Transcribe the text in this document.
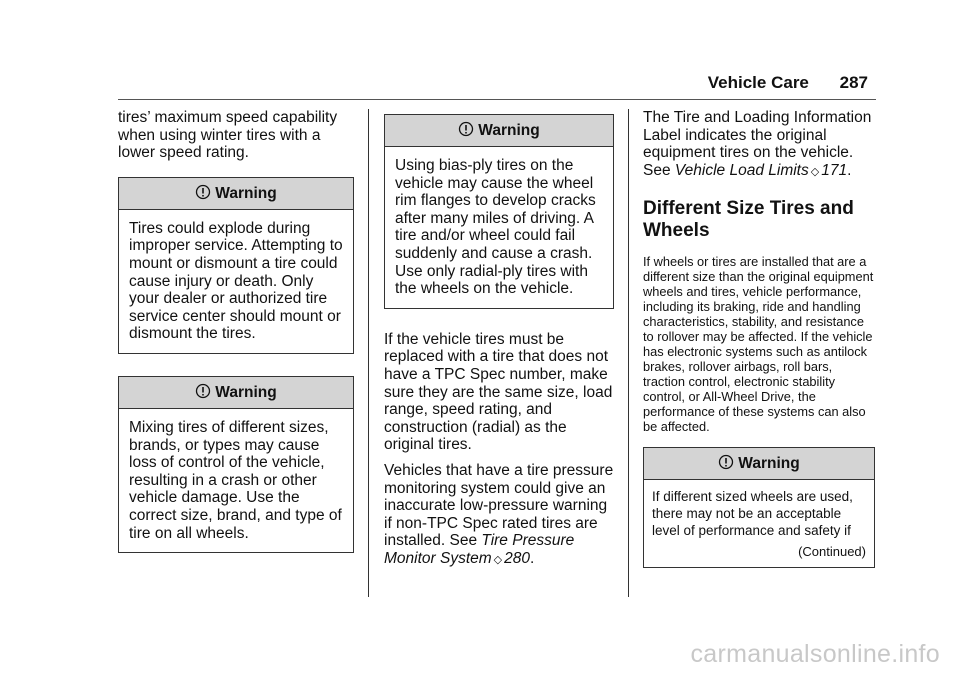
Vehicle Care 287

tires’ maximum speed capability when using winter tires with a lower speed rating.

Warning

Tires could explode during improper service. Attempting to mount or dismount a tire could cause injury or death. Only your dealer or authorized tire service center should mount or dismount the tires.

Warning

Mixing tires of different sizes, brands, or types may cause loss of control of the vehicle, resulting in a crash or other vehicle damage. Use the correct size, brand, and type of tire on all wheels.

Warning

Using bias-ply tires on the vehicle may cause the wheel rim flanges to develop cracks after many miles of driving. A tire and/or wheel could fail suddenly and cause a crash. Use only radial-ply tires with the wheels on the vehicle.

If the vehicle tires must be replaced with a tire that does not have a TPC Spec number, make sure they are the same size, load range, speed rating, and construction (radial) as the original tires.

Vehicles that have a tire pressure monitoring system could give an inaccurate low-pressure warning if non-TPC Spec rated tires are installed. See Tire Pressure Monitor System ◇ 280.

The Tire and Loading Information Label indicates the original equipment tires on the vehicle. See Vehicle Load Limits ◇ 171.

Different Size Tires and Wheels

If wheels or tires are installed that are a different size than the original equipment wheels and tires, vehicle performance, including its braking, ride and handling characteristics, stability, and resistance to rollover may be affected. If the vehicle has electronic systems such as antilock brakes, rollover airbags, roll bars, traction control, electronic stability control, or All-Wheel Drive, the performance of these systems can also be affected.

Warning

If different sized wheels are used, there may not be an acceptable level of performance and safety if

(Continued)
carmanualsonline.info
